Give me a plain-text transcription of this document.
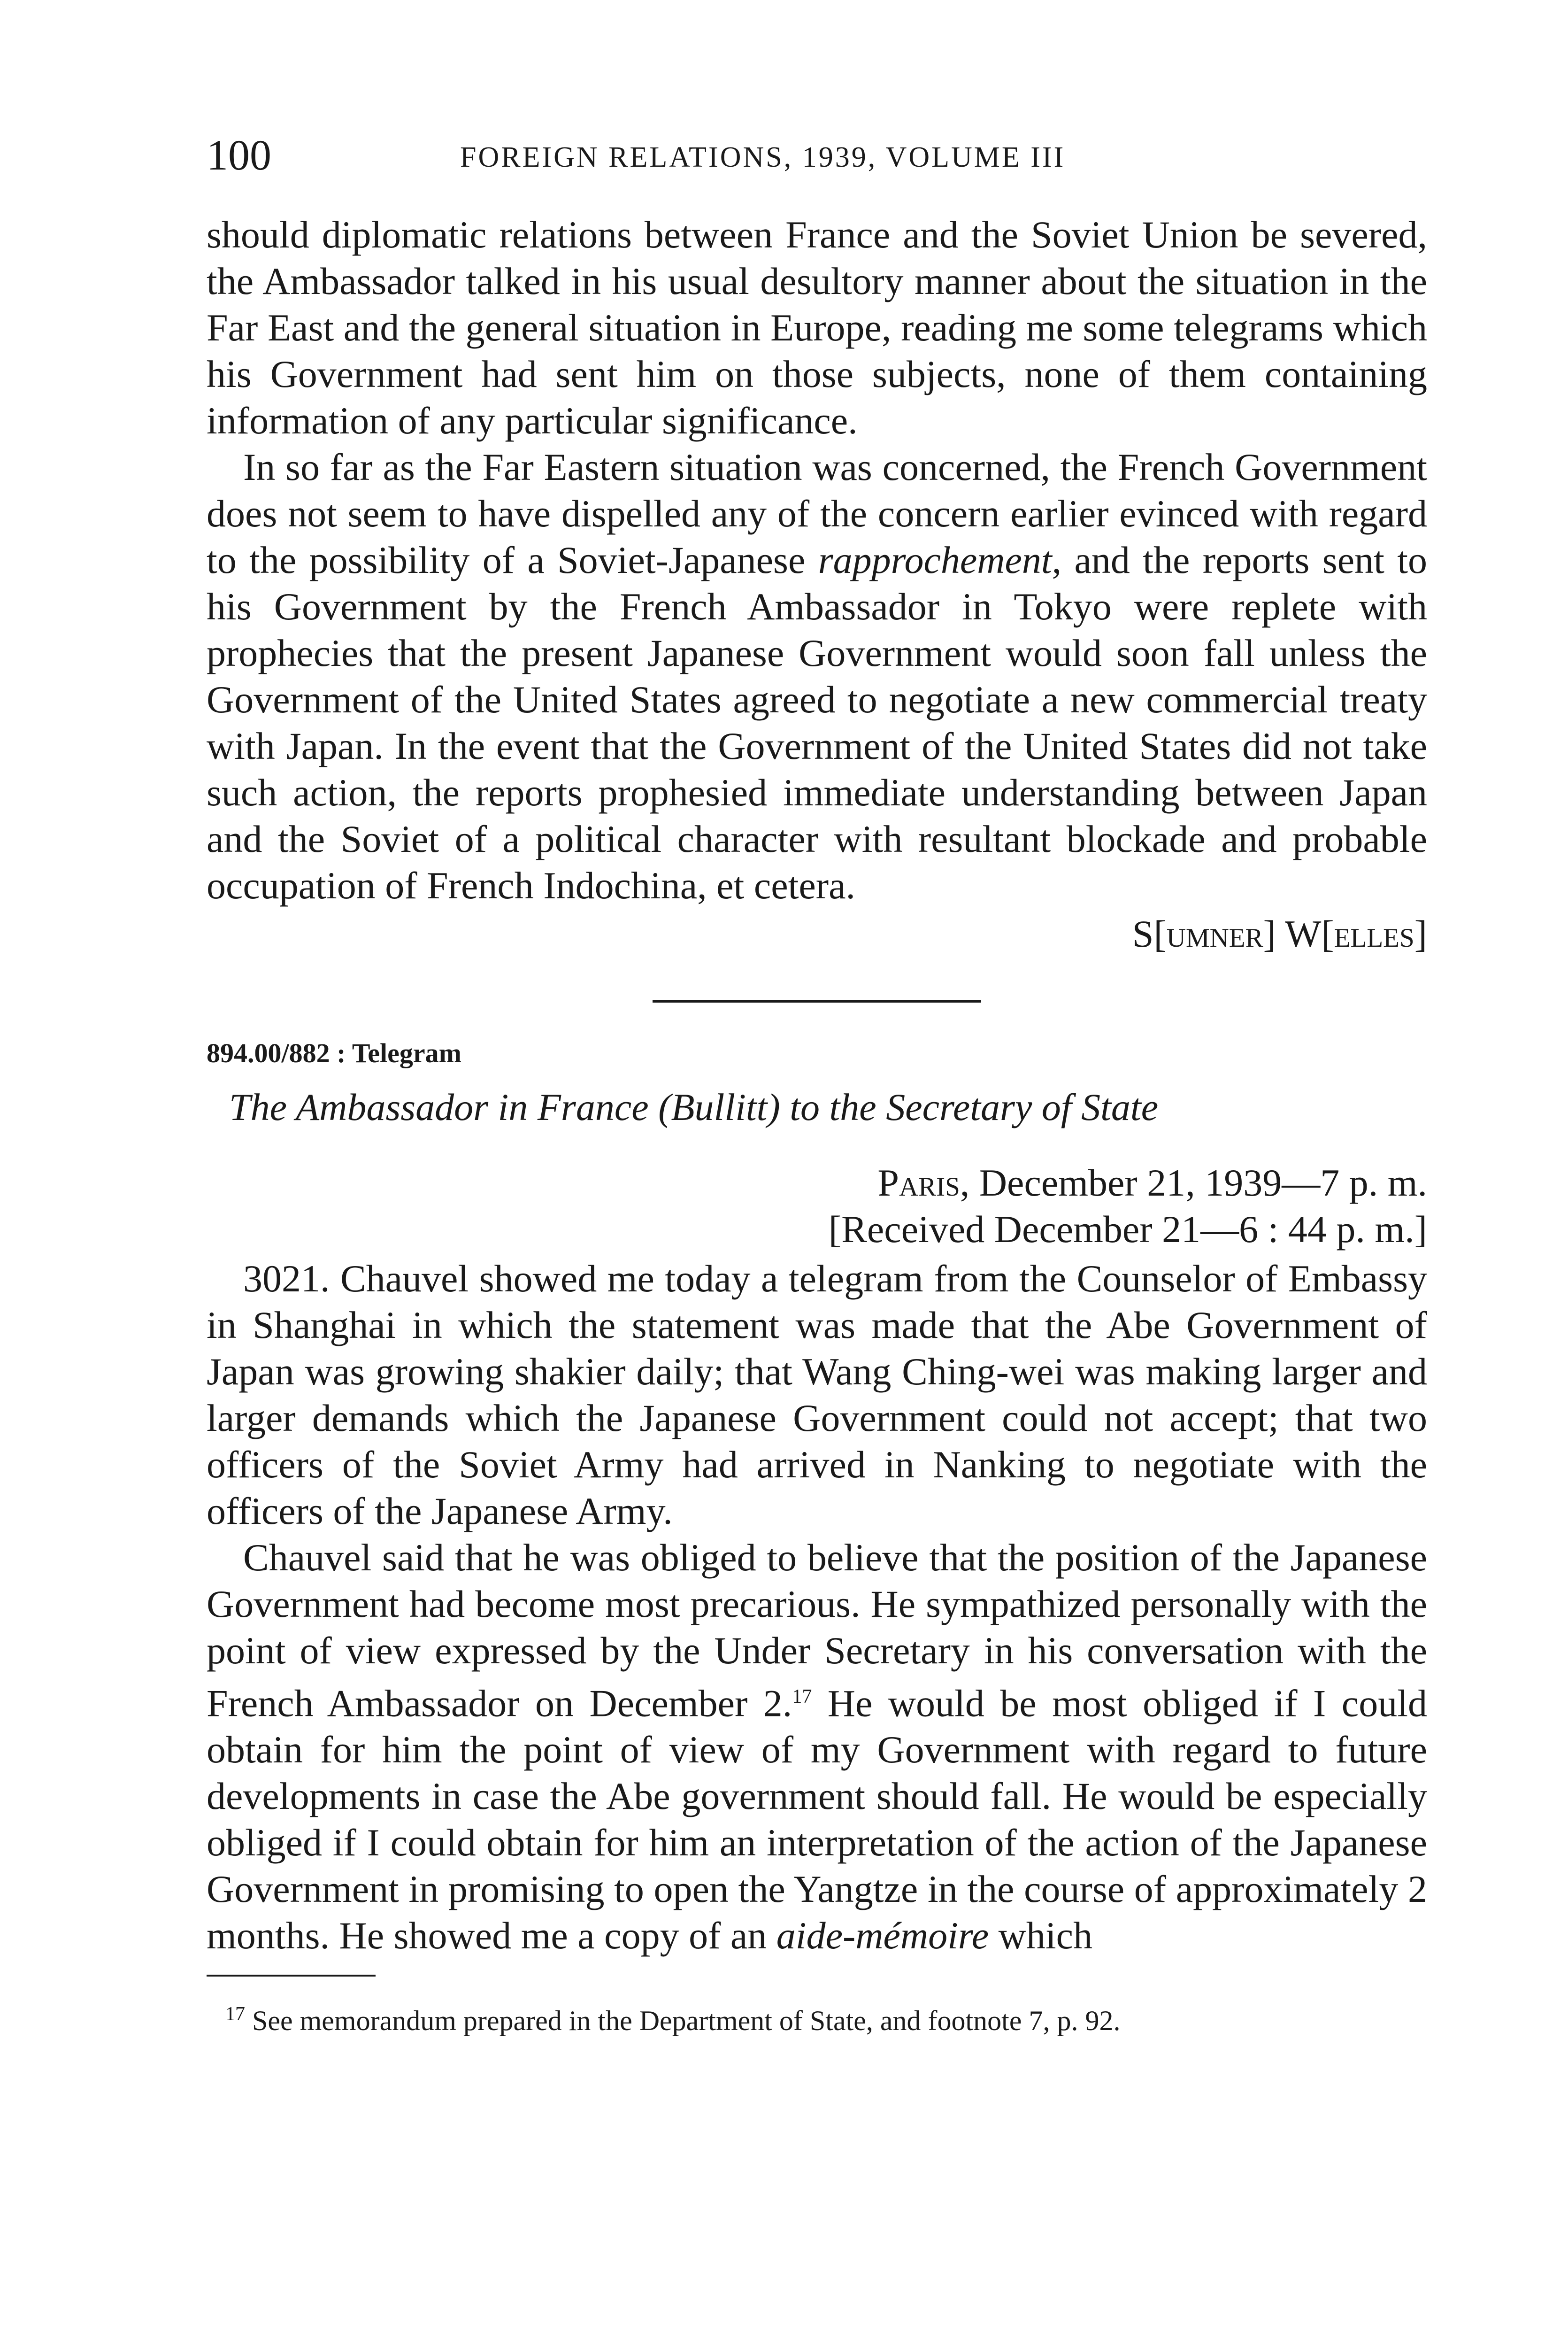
100	FOREIGN RELATIONS, 1939, VOLUME III

should diplomatic relations between France and the Soviet Union be severed, the Ambassador talked in his usual desultory manner about the situation in the Far East and the general situation in Europe, reading me some telegrams which his Government had sent him on those subjects, none of them containing information of any particular significance.

In so far as the Far Eastern situation was concerned, the French Government does not seem to have dispelled any of the concern earlier evinced with regard to the possibility of a Soviet-Japanese rapprochement, and the reports sent to his Government by the French Ambassador in Tokyo were replete with prophecies that the present Japanese Government would soon fall unless the Government of the United States agreed to negotiate a new commercial treaty with Japan. In the event that the Government of the United States did not take such action, the reports prophesied immediate understanding between Japan and the Soviet of a political character with resultant blockade and probable occupation of French Indochina, et cetera.

S[umner] W[elles]
894.00/882 : Telegram
The Ambassador in France (Bullitt) to the Secretary of State
Paris, December 21, 1939—7 p. m.
[Received December 21—6 : 44 p. m.]

3021. Chauvel showed me today a telegram from the Counselor of Embassy in Shanghai in which the statement was made that the Abe Government of Japan was growing shakier daily; that Wang Ching-wei was making larger and larger demands which the Japanese Government could not accept; that two officers of the Soviet Army had arrived in Nanking to negotiate with the officers of the Japanese Army.

Chauvel said that he was obliged to believe that the position of the Japanese Government had become most precarious. He sympathized personally with the point of view expressed by the Under Secretary in his conversation with the French Ambassador on December 2.17 He would be most obliged if I could obtain for him the point of view of my Government with regard to future developments in case the Abe government should fall. He would be especially obliged if I could obtain for him an interpretation of the action of the Japanese Government in promising to open the Yangtze in the course of approximately 2 months. He showed me a copy of an aide-mémoire which

$^{17}$ See memorandum prepared in the Department of State, and footnote 7, p. 92.
